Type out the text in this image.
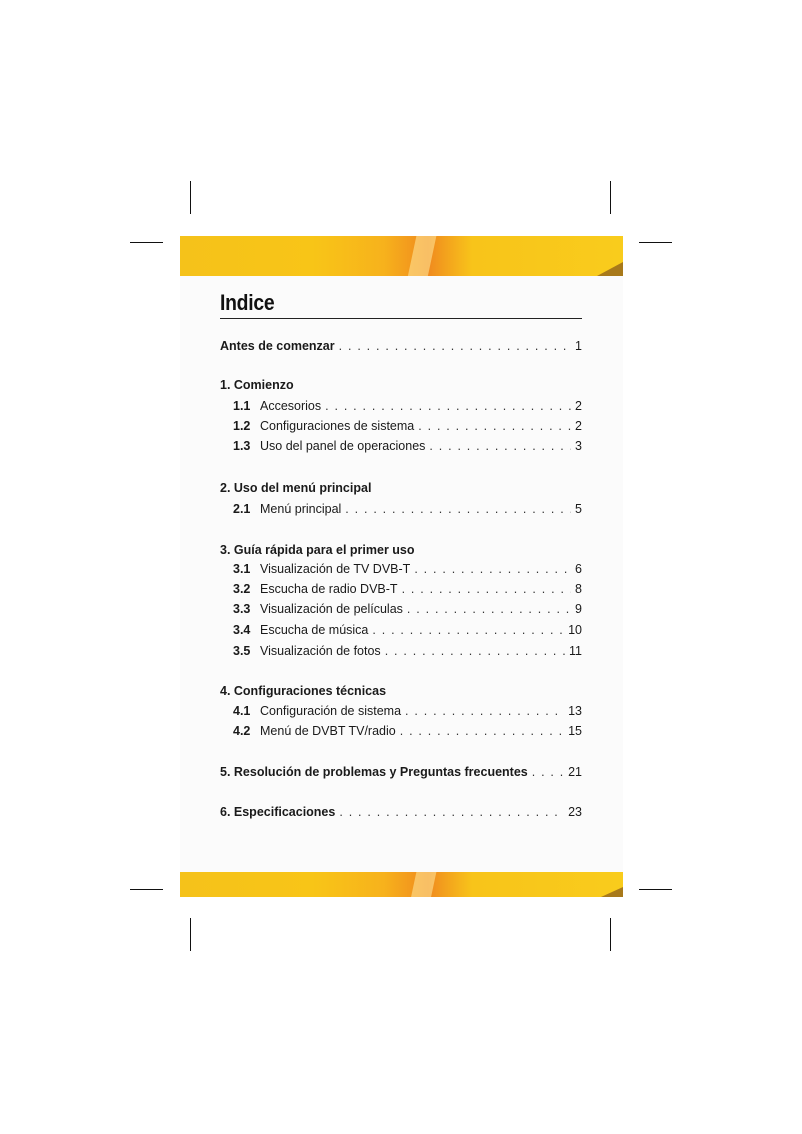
Indice
Antes de comenzar . . .	1
1. Comienzo
1.1 Accesorios . . .	2
1.2 Configuraciones de sistema . . .	2
1.3 Uso del panel de operaciones . . .	3
2. Uso del menú principal
2.1 Menú principal . . .	5
3. Guía rápida para el primer uso
3.1 Visualización de TV DVB-T . . .	6
3.2 Escucha de radio DVB-T . . .	8
3.3 Visualización de películas . . .	9
3.4 Escucha de música . . .	10
3.5 Visualización de fotos . . .	11
4. Configuraciones técnicas
4.1 Configuración de sistema . . .	13
4.2 Menú de DVBT TV/radio . . .	15
5. Resolución de problemas y Preguntas frecuentes . . .	21
6. Especificaciones . . .	23
